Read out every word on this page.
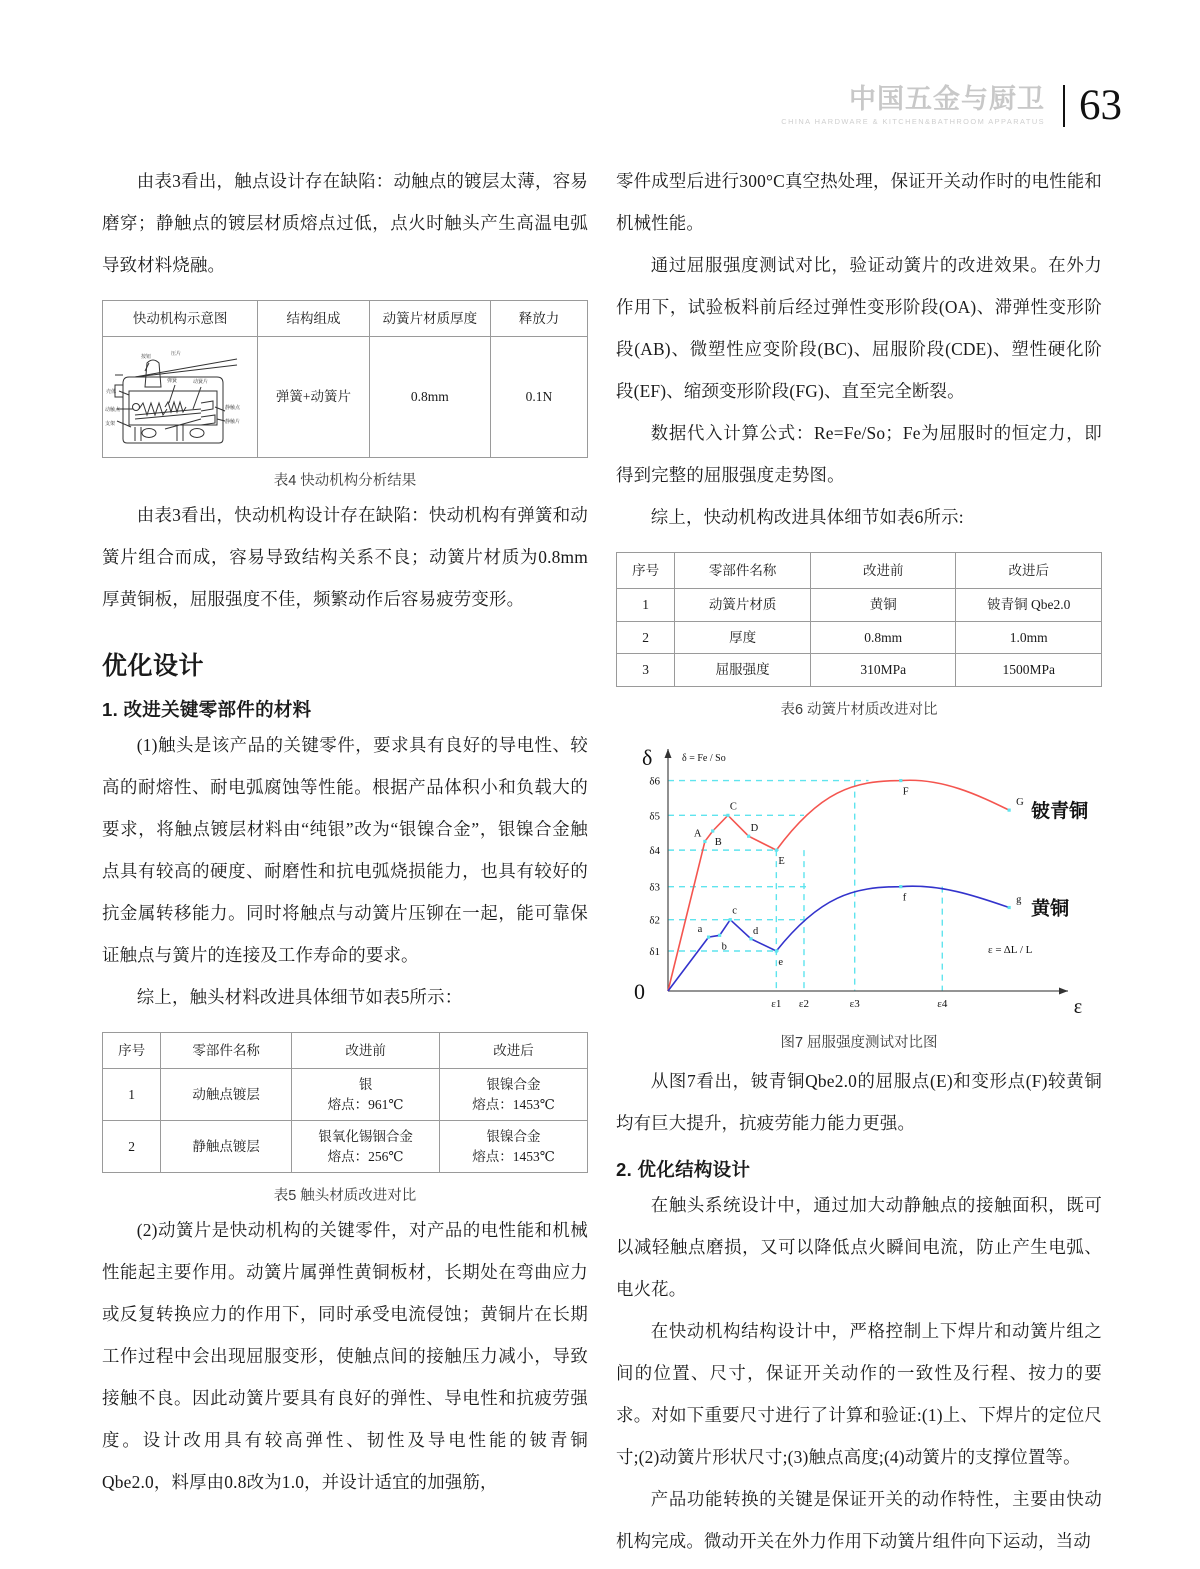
中国五金与厨卫
CHINA HARDWARE & KITCHEN&BATHROOM APPARATUS 63

由表3看出，触点设计存在缺陷：动触点的镀层太薄，容易磨穿；静触点的镀层材质熔点过低，点火时触头产生高温电弧导致材料烧融。

快动机构示意图	结构组成	动簧片材质厚度	释放力

按钮	压片
弹簧	动簧片
壳体
动触点
支架
静触点
静触片
	弹簧+动簧片	0.8mm	0.1N
表4 快动机构分析结果

由表3看出，快动机构设计存在缺陷：快动机构有弹簧和动簧片组合而成，容易导致结构关系不良；动簧片材质为0.8mm厚黄铜板，屈服强度不佳，频繁动作后容易疲劳变形。

优化设计
1. 改进关键零部件的材料

(1)触头是该产品的关键零件，要求具有良好的导电性、较高的耐熔性、耐电弧腐蚀等性能。根据产品体积小和负载大的要求，将触点镀层材料由“纯银”改为“银镍合金”，银镍合金触点具有较高的硬度、耐磨性和抗电弧烧损能力，也具有较好的抗金属转移能力。同时将触点与动簧片压铆在一起，能可靠保证触点与簧片的连接及工作寿命的要求。

综上，触头材料改进具体细节如表5所示：

序号	零部件名称	改进前	改进后
1	动触点镀层	银
熔点：961℃	银镍合金
熔点：1453℃

2	静触点镀层	银氧化锡铟合金
熔点：256℃	银镍合金
熔点：1453℃
表5 触头材质改进对比

(2)动簧片是快动机构的关键零件，对产品的电性能和机械性能起主要作用。动簧片属弹性黄铜板材，长期处在弯曲应力或反复转换应力的作用下，同时承受电流侵蚀；黄铜片在长期工作过程中会出现屈服变形，使触点间的接触压力减小，导致接触不良。因此动簧片要具有良好的弹性、导电性和抗疲劳强度。设计改用具有较高弹性、韧性及导电性能的铍青铜Qbe2.0，料厚由0.8改为1.0，并设计适宜的加强筋，

零件成型后进行300°C真空热处理，保证开关动作时的电性能和机械性能。

通过屈服强度测试对比，验证动簧片的改进效果。在外力作用下，试验板料前后经过弹性变形阶段(OA)、滞弹性变形阶段(AB)、微塑性应变阶段(BC)、屈服阶段(CDE)、塑性硬化阶段(EF)、缩颈变形阶段(FG)、直至完全断裂。

数据代入计算公式：Re=Fe/So；Fe为屈服时的恒定力，即得到完整的屈服强度走势图。

综上，快动机构改进具体细节如表6所示:

序号	零部件名称	改进前	改进后
1	动簧片材质	黄铜	铍青铜 Qbe2.0
2	厚度	0.8mm	1.0mm
3	屈服强度	310MPa	1500MPa
表6 动簧片材质改进对比
δ1
δ2
δ3
δ4
δ5
δ6
ε1 ε2	ε3	ε4
δ
ε
0
δ = Fe / So
ε = ΔL / L
A
B
C
D
E
F
G 铍青铜
a
b
c
d
e
f	g 黄铜
图7 屈服强度测试对比图

从图7看出，铍青铜Qbe2.0的屈服点(E)和变形点(F)较黄铜均有巨大提升，抗疲劳能力能力更强。

2. 优化结构设计

在触头系统设计中，通过加大动静触点的接触面积，既可以减轻触点磨损，又可以降低点火瞬间电流，防止产生电弧、电火花。

在快动机构结构设计中，严格控制上下焊片和动簧片组之间的位置、尺寸，保证开关动作的一致性及行程、按力的要求。对如下重要尺寸进行了计算和验证:(1)上、下焊片的定位尺寸;(2)动簧片形状尺寸;(3)触点高度;(4)动簧片的支撑位置等。

产品功能转换的关键是保证开关的动作特性，主要由快动机构完成。微动开关在外力作用下动簧片组件向下运动，当动
